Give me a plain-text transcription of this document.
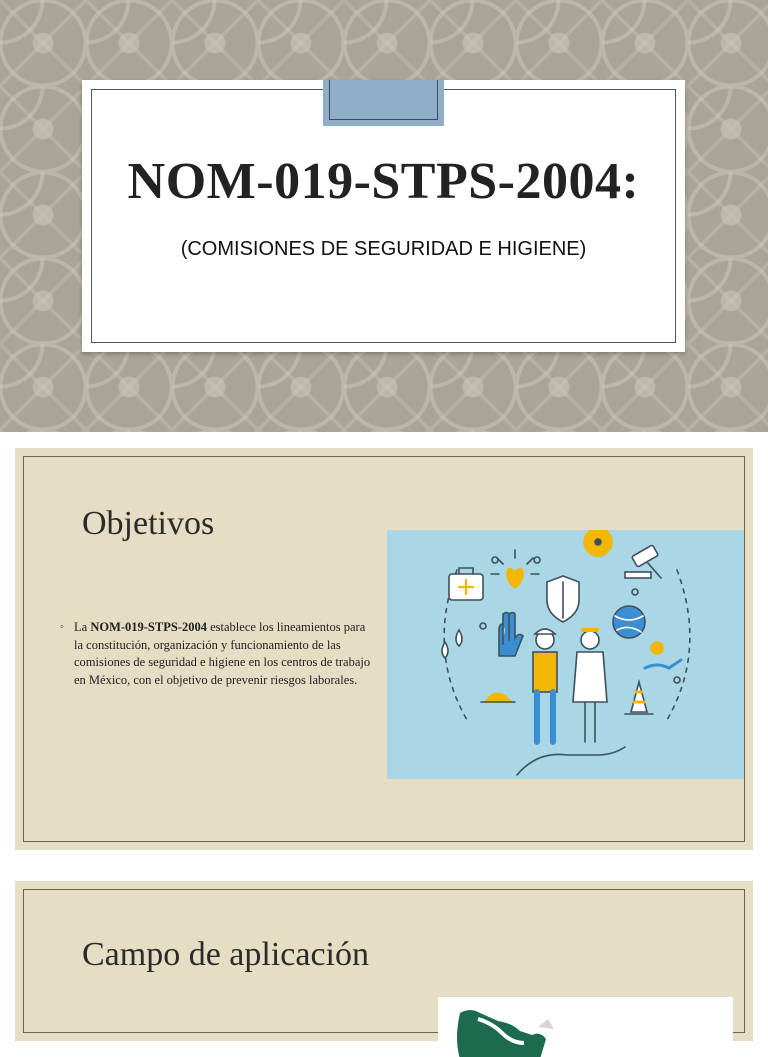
NOM-019-STPS-2004:
(COMISIONES DE SEGURIDAD E HIGIENE)
Objetivos
◦ La NOM-019-STPS-2004 establece los lineamientos para la constitución, organización y funcionamiento de las comisiones de seguridad e higiene en los centros de trabajo en México, con el objetivo de prevenir riesgos laborales.
Campo de aplicación
